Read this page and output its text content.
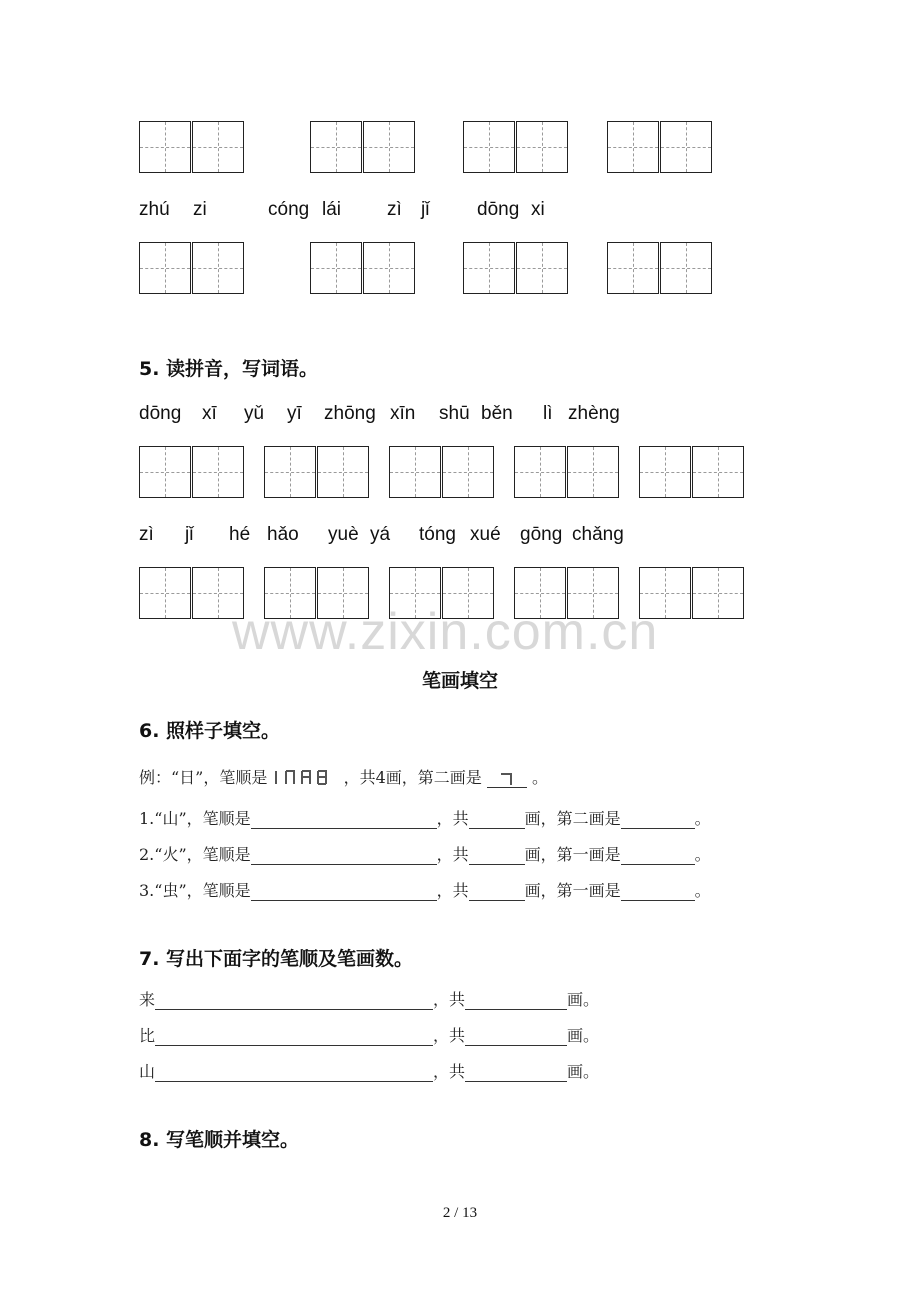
zhú zi	cóng lái zì jǐ	dōng xi
5. 读拼音，写词语。
dōng xī yǔ yī zhōng xīn shū běn lì zhèng
zì jǐ hé hǎo yuè yá tóng xué gōng chǎng
www.zixin.com.cn
笔画填空
6. 照样子填空。
例：“日”，笔顺是	，共4画，第二画是	。
1.“山”，笔顺是	，共	画，第二画是	。
2.“火”，笔顺是	，共	画，第一画是	。
3.“虫”，笔顺是	，共	画，第一画是	。
7. 写出下面字的笔顺及笔画数。
来	，共	画。
比	，共	画。
山	，共	画。
8. 写笔顺并填空。
2 / 13
